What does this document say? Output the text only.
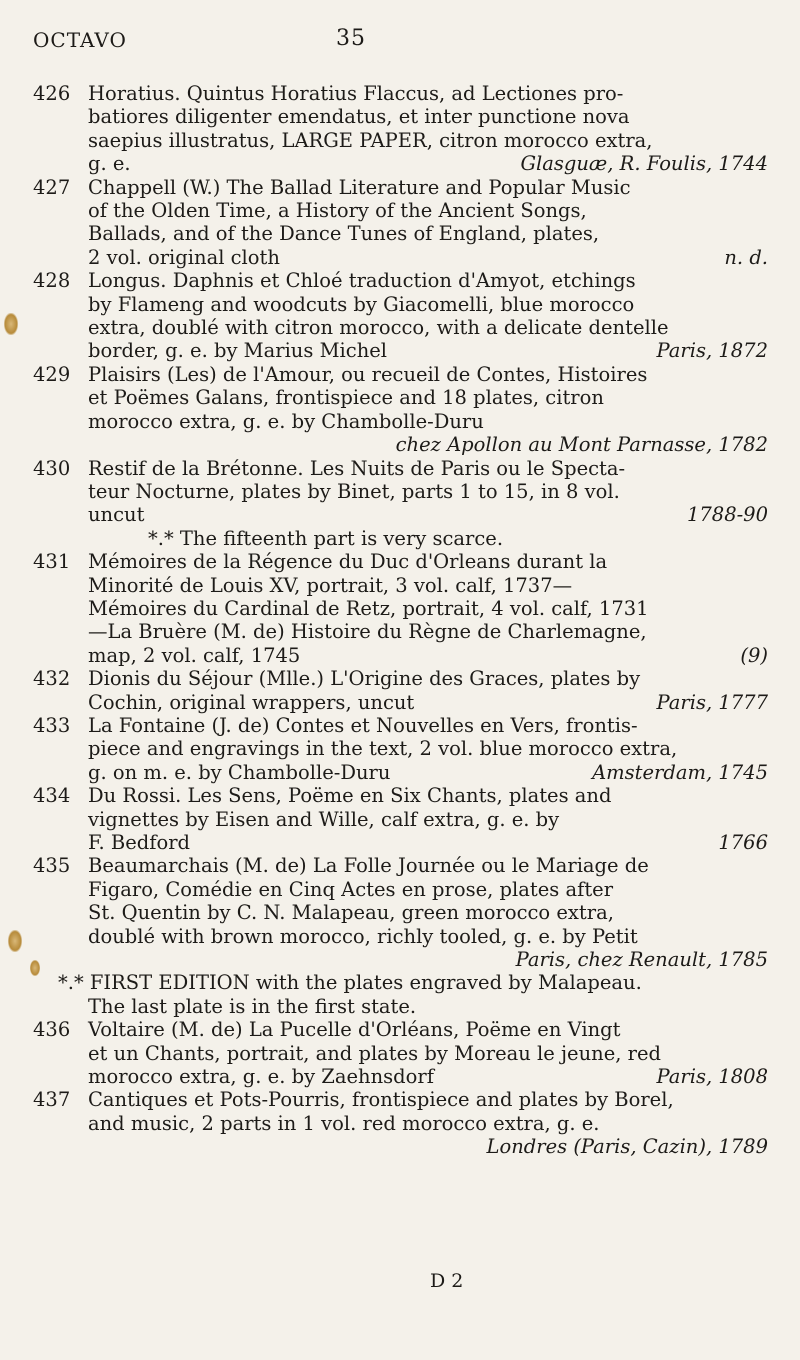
OCTAVO	35
426 Horatius. Quintus Horatius Flaccus, ad Lectiones pro-
batiores diligenter emendatus, et inter punctione nova
saepius illustratus, LARGE PAPER, citron morocco extra,
g. e.	Glasguæ, R. Foulis, 1744
427 Chappell (W.) The Ballad Literature and Popular Music
of the Olden Time, a History of the Ancient Songs,
Ballads, and of the Dance Tunes of England, plates,
2 vol. original cloth	n. d.
428 Longus. Daphnis et Chloé traduction d'Amyot, etchings
by Flameng and woodcuts by Giacomelli, blue morocco
extra, doublé with citron morocco, with a delicate dentelle
border, g. e. by Marius Michel	Paris, 1872
429 Plaisirs (Les) de l'Amour, ou recueil de Contes, Histoires
et Poëmes Galans, frontispiece and 18 plates, citron
morocco extra, g. e. by Chambolle-Duru
chez Apollon au Mont Parnasse, 1782
430 Restif de la Brétonne. Les Nuits de Paris ou le Specta-
teur Nocturne, plates by Binet, parts 1 to 15, in 8 vol.
uncut	1788-90
*.* The fifteenth part is very scarce.
431 Mémoires de la Régence du Duc d'Orleans durant la
Minorité de Louis XV, portrait, 3 vol. calf, 1737—
Mémoires du Cardinal de Retz, portrait, 4 vol. calf, 1731
—La Bruère (M. de) Histoire du Règne de Charlemagne,
map, 2 vol. calf, 1745	(9)
432 Dionis du Séjour (Mlle.) L'Origine des Graces, plates by
Cochin, original wrappers, uncut	Paris, 1777
433 La Fontaine (J. de) Contes et Nouvelles en Vers, frontis-
piece and engravings in the text, 2 vol. blue morocco extra,
g. on m. e. by Chambolle-Duru	Amsterdam, 1745
434 Du Rossi. Les Sens, Poëme en Six Chants, plates and
vignettes by Eisen and Wille, calf extra, g. e. by
F. Bedford	1766
435 Beaumarchais (M. de) La Folle Journée ou le Mariage de
Figaro, Comédie en Cinq Actes en prose, plates after
St. Quentin by C. N. Malapeau, green morocco extra,
doublé with brown morocco, richly tooled, g. e. by Petit
Paris, chez Renault, 1785
*.* FIRST EDITION with the plates engraved by Malapeau.
The last plate is in the first state.
436 Voltaire (M. de) La Pucelle d'Orléans, Poëme en Vingt
et un Chants, portrait, and plates by Moreau le jeune, red
morocco extra, g. e. by Zaehnsdorf	Paris, 1808
437 Cantiques et Pots-Pourris, frontispiece and plates by Borel,
and music, 2 parts in 1 vol. red morocco extra, g. e.
Londres (Paris, Cazin), 1789
D 2
